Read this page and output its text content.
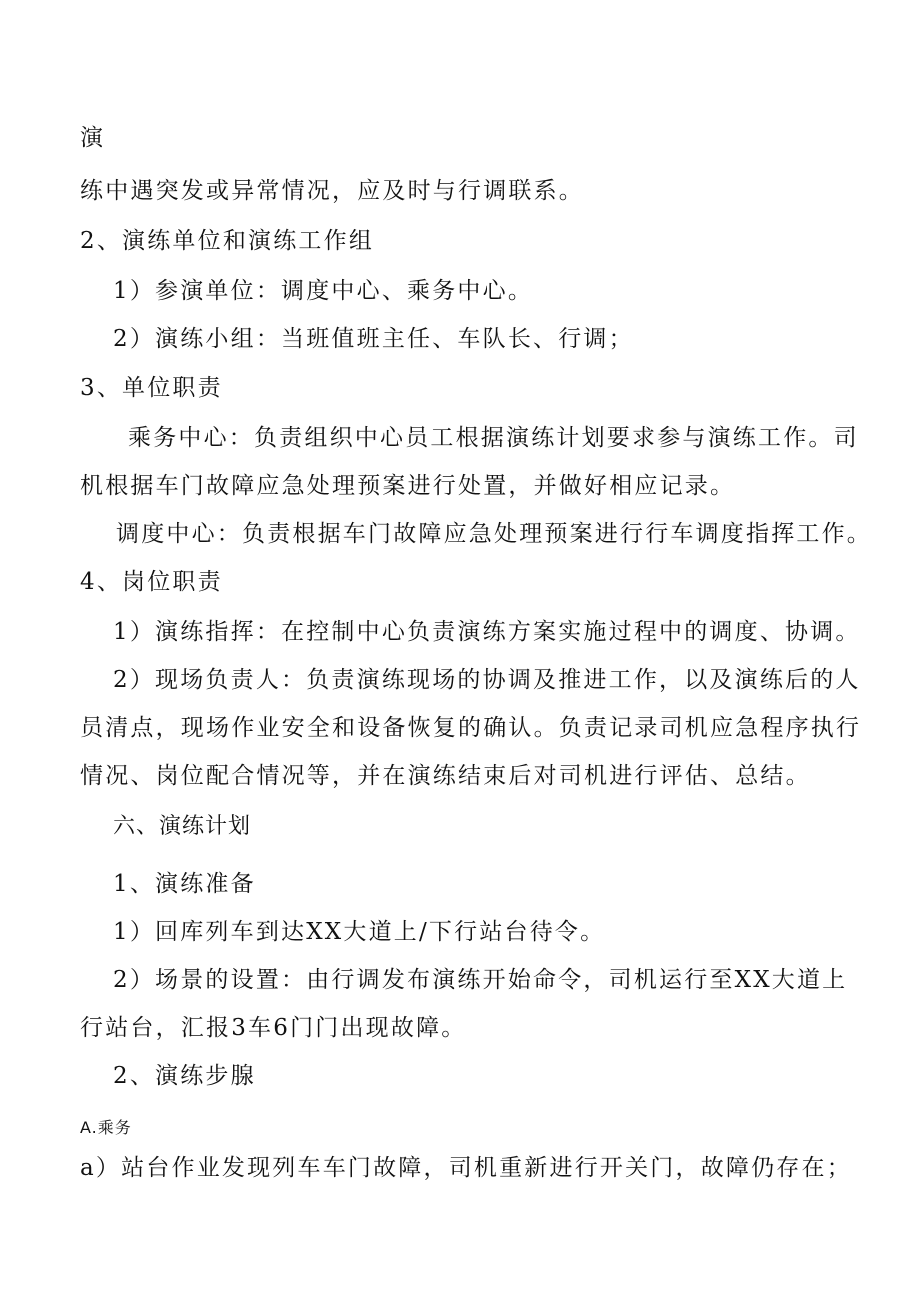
演
练中遇突发或异常情况，应及时与行调联系。
2、演练单位和演练工作组
1）参演单位：调度中心、乘务中心。
2）演练小组：当班值班主任、车队长、行调；
3、单位职责
乘务中心：负责组织中心员工根据演练计划要求参与演练工作。司
机根据车门故障应急处理预案进行处置，并做好相应记录。
调度中心：负责根据车门故障应急处理预案进行行车调度指挥工作。
4、岗位职责
1）演练指挥：在控制中心负责演练方案实施过程中的调度、协调。
2）现场负责人：负责演练现场的协调及推进工作，以及演练后的人
员清点，现场作业安全和设备恢复的确认。负责记录司机应急程序执行
情况、岗位配合情况等，并在演练结束后对司机进行评估、总结。
六、演练计划
1、演练准备
1）回库列车到达XX大道上/下行站台待令。
2）场景的设置：由行调发布演练开始命令，司机运行至XX大道上
行站台，汇报3车6门门出现故障。
2、演练步腺
A.乘务
a）站台作业发现列车车门故障，司机重新进行开关门，故障仍存在；
